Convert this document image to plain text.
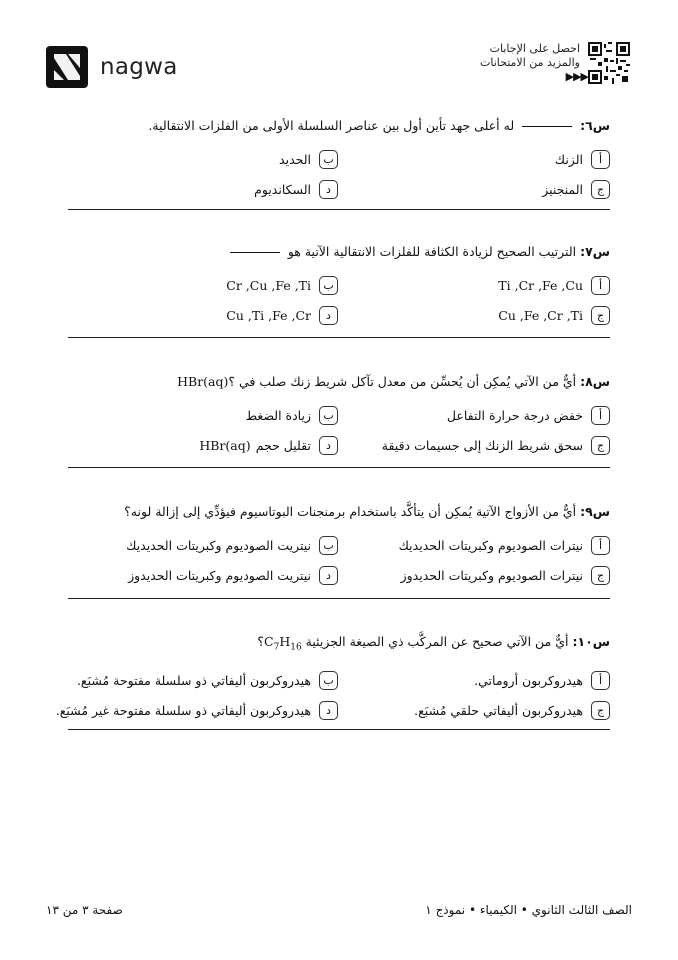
nagwa
احصل على الإجابات
والمزيد من الامتحانات
▶▶▶
س٦:  له أعلى جهد تأين أول بين عناصر السلسلة الأولى من الفلزات الانتقالية.
أ
الزنك
ب
الحديد
ج
المنجنيز
د
السكانديوم
س٧: الترتيب الصحيح لزيادة الكثافة للفلزات الانتقالية الآتية هو
أ
Ti ,Cr ,Fe ,Cu
ب
Cr ,Cu ,Fe ,Ti
ج
Cu ,Fe ,Cr ,Ti
د
Cu ,Ti ,Fe ,Cr
س٨: أيٌّ من الآتي يُمكِن أن يُحسِّن من معدل تآكل شريط زنك صلب في HBr(aq)؟
أ
خفض درجة حرارة التفاعل
ب
زيادة الضغط
ج
سحق شريط الزنك إلى جسيمات دقيقة
د
تقليل حجم

HBr(aq)
س٩: أيٌّ من الأزواج الآتية يُمكِن أن يتأكَّد باستخدام برمنجنات البوتاسيوم فيؤدِّي إلى إزالة لونه؟
أ
نيترات الصوديوم وكبريتات الحديديك
ب
نيتريت الصوديوم وكبريتات الحديديك
ج
نيترات الصوديوم وكبريتات الحديدوز
د
نيتريت الصوديوم وكبريتات الحديدوز
س١٠: أيٌّ من الآتي صحيح عن المركَّب ذي الصيغة الجزيئية $C_7H_{16}؟$
أ
هيدروكربون أروماتي.
ب
هيدروكربون أليفاتي ذو سلسلة مفتوحة مُشبَع.
ج
هيدروكربون أليفاتي حلقي مُشبَع.
د
هيدروكربون أليفاتي ذو سلسلة مفتوحة غير مُشبَع.
الصف الثالث الثانوي • الكيمياء • نموذج ١
صفحة ٣ من ١٣
